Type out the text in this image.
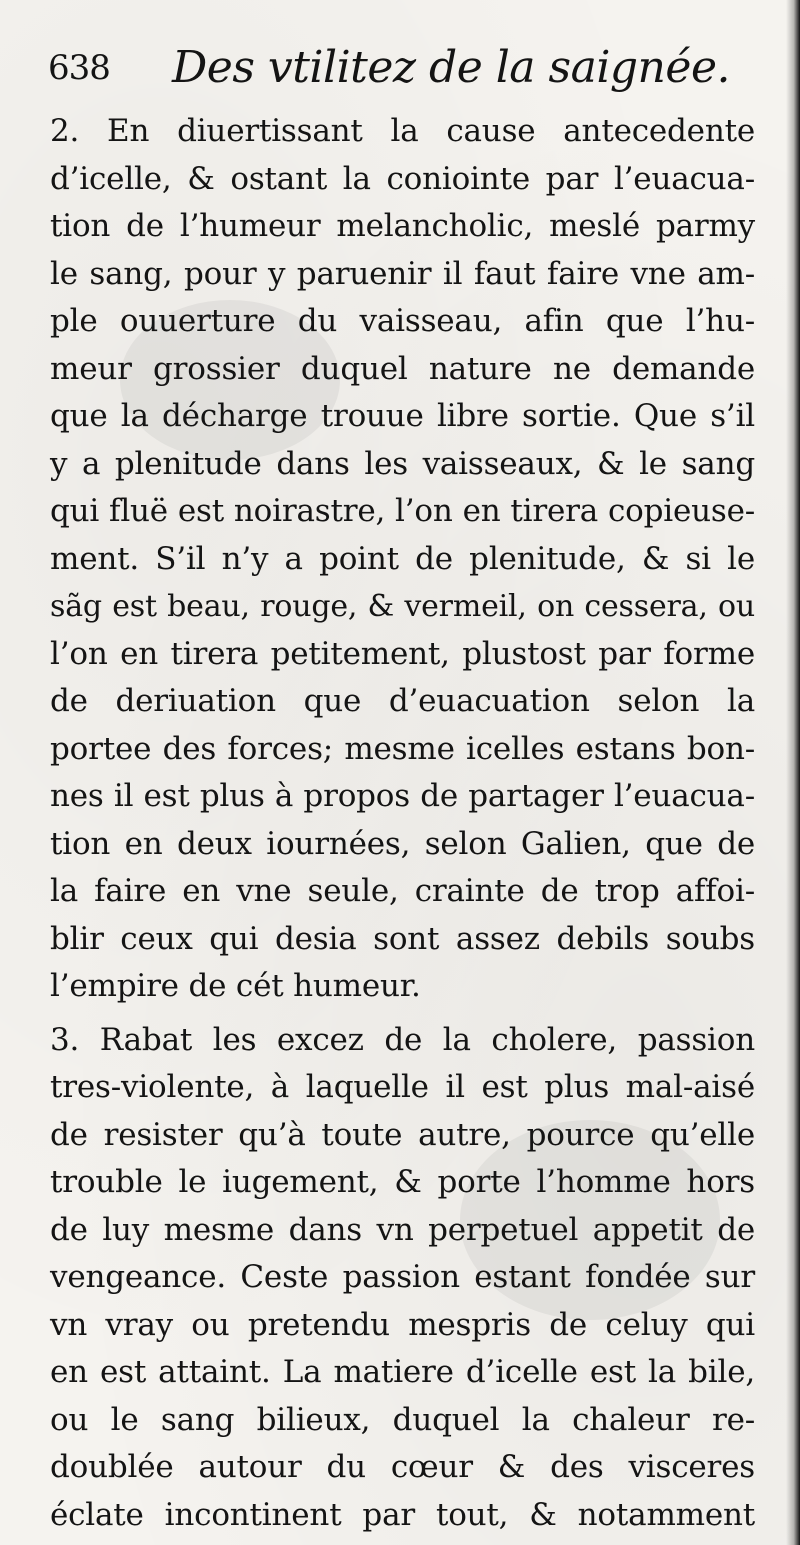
638 Des vtilitez de la saignée.
2. En diuertissant la cause antecedente
d’icelle, & ostant la coniointe par l’euacua-
tion de l’humeur melancholic, meslé parmy
le sang, pour y paruenir il faut faire vne am-
ple ouuerture du vaisseau, afin que l’hu-
meur grossier duquel nature ne demande
que la décharge trouue libre sortie. Que s’il
y a plenitude dans les vaisseaux, & le sang
qui fluë est noirastre, l’on en tirera copieuse-
ment. S’il n’y a point de plenitude, & si le
sãg est beau, rouge, & vermeil, on cessera, ou
l’on en tirera petitement, plustost par forme
de deriuation que d’euacuation selon la
portee des forces; mesme icelles estans bon-
nes il est plus à propos de partager l’euacua-
tion en deux iournées, selon Galien, que de
la faire en vne seule, crainte de trop affoi-
blir ceux qui desia sont assez debils soubs
l’empire de cét humeur.
3. Rabat les excez de la cholere, passion
tres-violente, à laquelle il est plus mal-aisé
de resister qu’à toute autre, pource qu’elle
trouble le iugement, & porte l’homme hors
de luy mesme dans vn perpetuel appetit de
vengeance. Ceste passion estant fondée sur
vn vray ou pretendu mespris de celuy qui
en est attaint. La matiere d’icelle est la bile,
ou le sang bilieux, duquel la chaleur re-
doublée autour du cœur & des visceres
éclate incontinent par tout, & notamment
